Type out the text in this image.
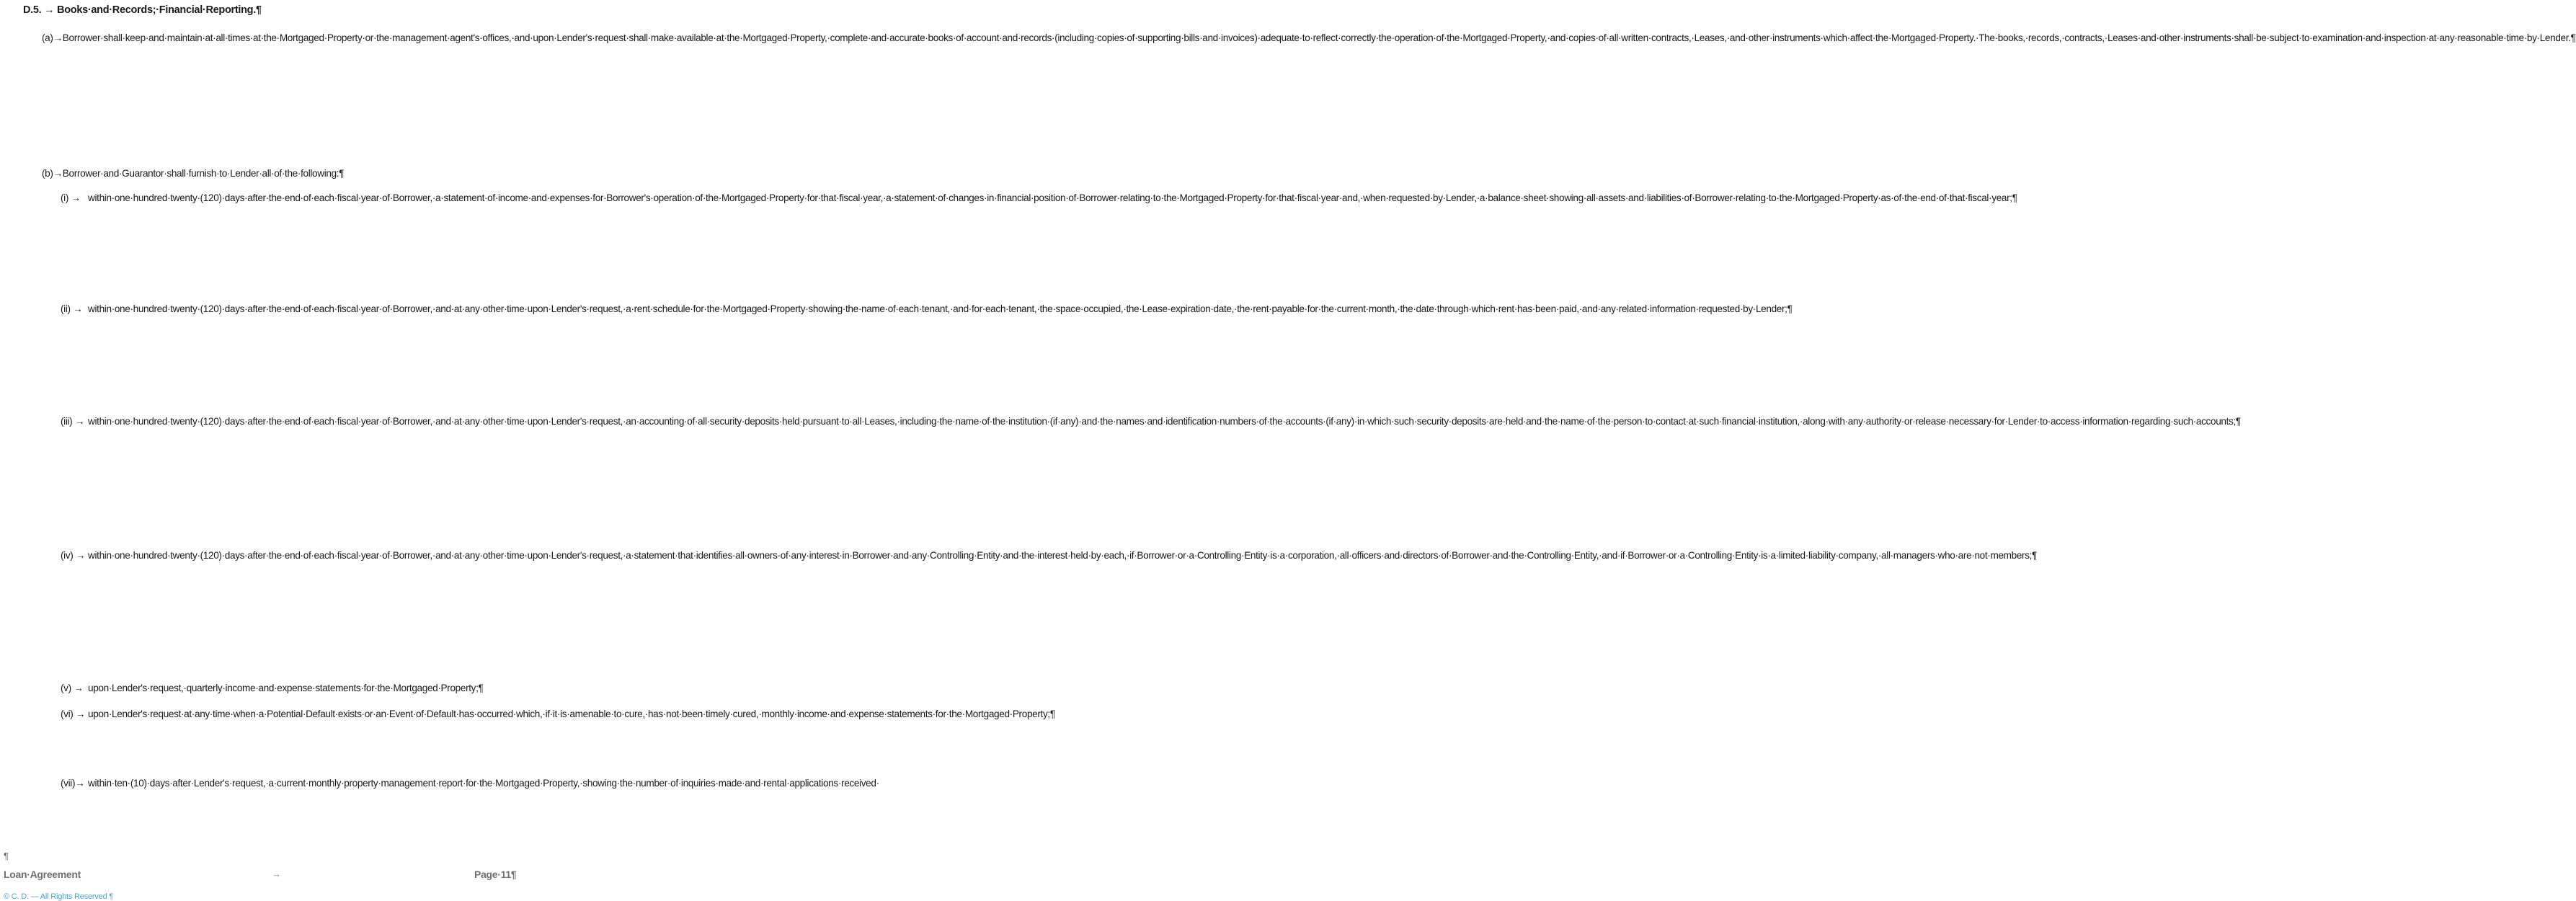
D.5. → Books·and·Records;·Financial·Reporting.¶
(a)→Borrower·shall·keep·and·maintain·at·all·times·at·the·Mortgaged·Property·or·the·management·agent's·offices,·and·upon·Lender's·request·shall·make·available·at·the·Mortgaged·Property,·complete·and·accurate·books·of·account·and·records·(including·copies·of·supporting·bills·and·invoices)·adequate·to·reflect·correctly·the·operation·of·the·Mortgaged·Property,·and·copies·of·all·written·contracts,·Leases,·and·other·instruments·which·affect·the·Mortgaged·Property.·The·books,·records,·contracts,·Leases·and·other·instruments·shall·be·subject·to·examination·and·inspection·at·any·reasonable·time·by·Lender.¶
(b)→Borrower·and·Guarantor·shall·furnish·to·Lender·all·of·the·following:¶
(i) → within·one·hundred·twenty·(120)·days·after·the·end·of·each·fiscal·year·of·Borrower,·a·statement·of·income·and·expenses·for·Borrower's·operation·of·the·Mortgaged·Property·for·that·fiscal·year,·a·statement·of·changes·in·financial·position·of·Borrower·relating·to·the·Mortgaged·Property·for·that·fiscal·year·and,·when·requested·by·Lender,·a·balance·sheet·showing·all·assets·and·liabilities·of·Borrower·relating·to·the·Mortgaged·Property·as·of·the·end·of·that·fiscal·year;¶
(ii) → within·one·hundred·twenty·(120)·days·after·the·end·of·each·fiscal·year·of·Borrower,·and·at·any·other·time·upon·Lender's·request,·a·rent·schedule·for·the·Mortgaged·Property·showing·the·name·of·each·tenant,·and·for·each·tenant,·the·space·occupied,·the·Lease·expiration·date,·the·rent·payable·for·the·current·month,·the·date·through·which·rent·has·been·paid,·and·any·related·information·requested·by·Lender;¶
(iii) → within·one·hundred·twenty·(120)·days·after·the·end·of·each·fiscal·year·of·Borrower,·and·at·any·other·time·upon·Lender's·request,·an·accounting·of·all·security·deposits·held·pursuant·to·all·Leases,·including·the·name·of·the·institution·(if·any)·and·the·names·and·identification·numbers·of·the·accounts·(if·any)·in·which·such·security·deposits·are·held·and·the·name·of·the·person·to·contact·at·such·financial·institution,·along·with·any·authority·or·release·necessary·for·Lender·to·access·information·regarding·such·accounts;¶
(iv) → within·one·hundred·twenty·(120)·days·after·the·end·of·each·fiscal·year·of·Borrower,·and·at·any·other·time·upon·Lender's·request,·a·statement·that·identifies·all·owners·of·any·interest·in·Borrower·and·any·Controlling·Entity·and·the·interest·held·by·each,·if·Borrower·or·a·Controlling·Entity·is·a·corporation,·all·officers·and·directors·of·Borrower·and·the·Controlling·Entity,·and·if·Borrower·or·a·Controlling·Entity·is·a·limited·liability·company,·all·managers·who·are·not·members;¶
(v) → upon·Lender's·request,·quarterly·income·and·expense·statements·for·the·Mortgaged·Property;¶
(vi) → upon·Lender's·request·at·any·time·when·a·Potential·Default·exists·or·an·Event·of·Default·has·occurred·which,·if·it·is·amenable·to·cure,·has·not·been·timely·cured,·monthly·income·and·expense·statements·for·the·Mortgaged·Property;¶
(vii)→ within·ten·(10)·days·after·Lender's·request,·a·current·monthly·property·management·report·for·the·Mortgaged·Property,·showing·the·number·of·inquiries·made·and·rental·applications·received·
¶
Loan·Agreement	→	Page·11¶
© C. D. — All Rights Reserved ¶
